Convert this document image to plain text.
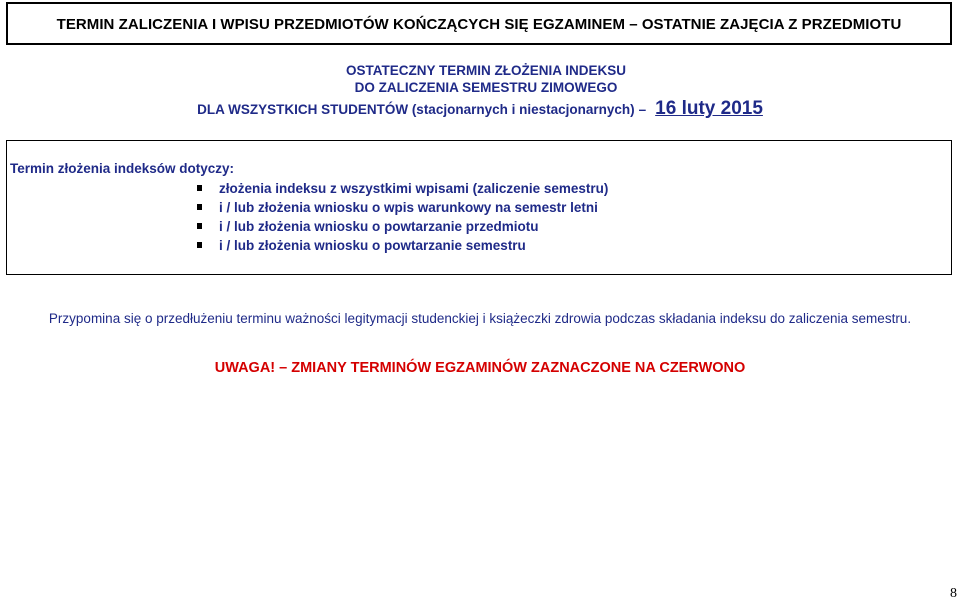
TERMIN ZALICZENIA I WPISU PRZEDMIOTÓW KOŃCZĄCYCH SIĘ EGZAMINEM – OSTATNIE ZAJĘCIA Z PRZEDMIOTU
OSTATECZNY TERMIN ZŁOŻENIA INDEKSU
DO ZALICZENIA SEMESTRU ZIMOWEGO
DLA WSZYSTKICH STUDENTÓW (stacjonarnych i niestacjonarnych) – 16 luty 2015
Termin złożenia indeksów dotyczy:
złożenia indeksu z wszystkimi wpisami (zaliczenie semestru)
i / lub złożenia wniosku o wpis warunkowy na semestr letni
i / lub złożenia wniosku o powtarzanie przedmiotu
i / lub złożenia wniosku o powtarzanie semestru
Przypomina się o przedłużeniu terminu ważności legitymacji studenckiej i książeczki zdrowia podczas składania indeksu do zaliczenia semestru.
UWAGA! – ZMIANY TERMINÓW EGZAMINÓW ZAZNACZONE NA CZERWONO
8
